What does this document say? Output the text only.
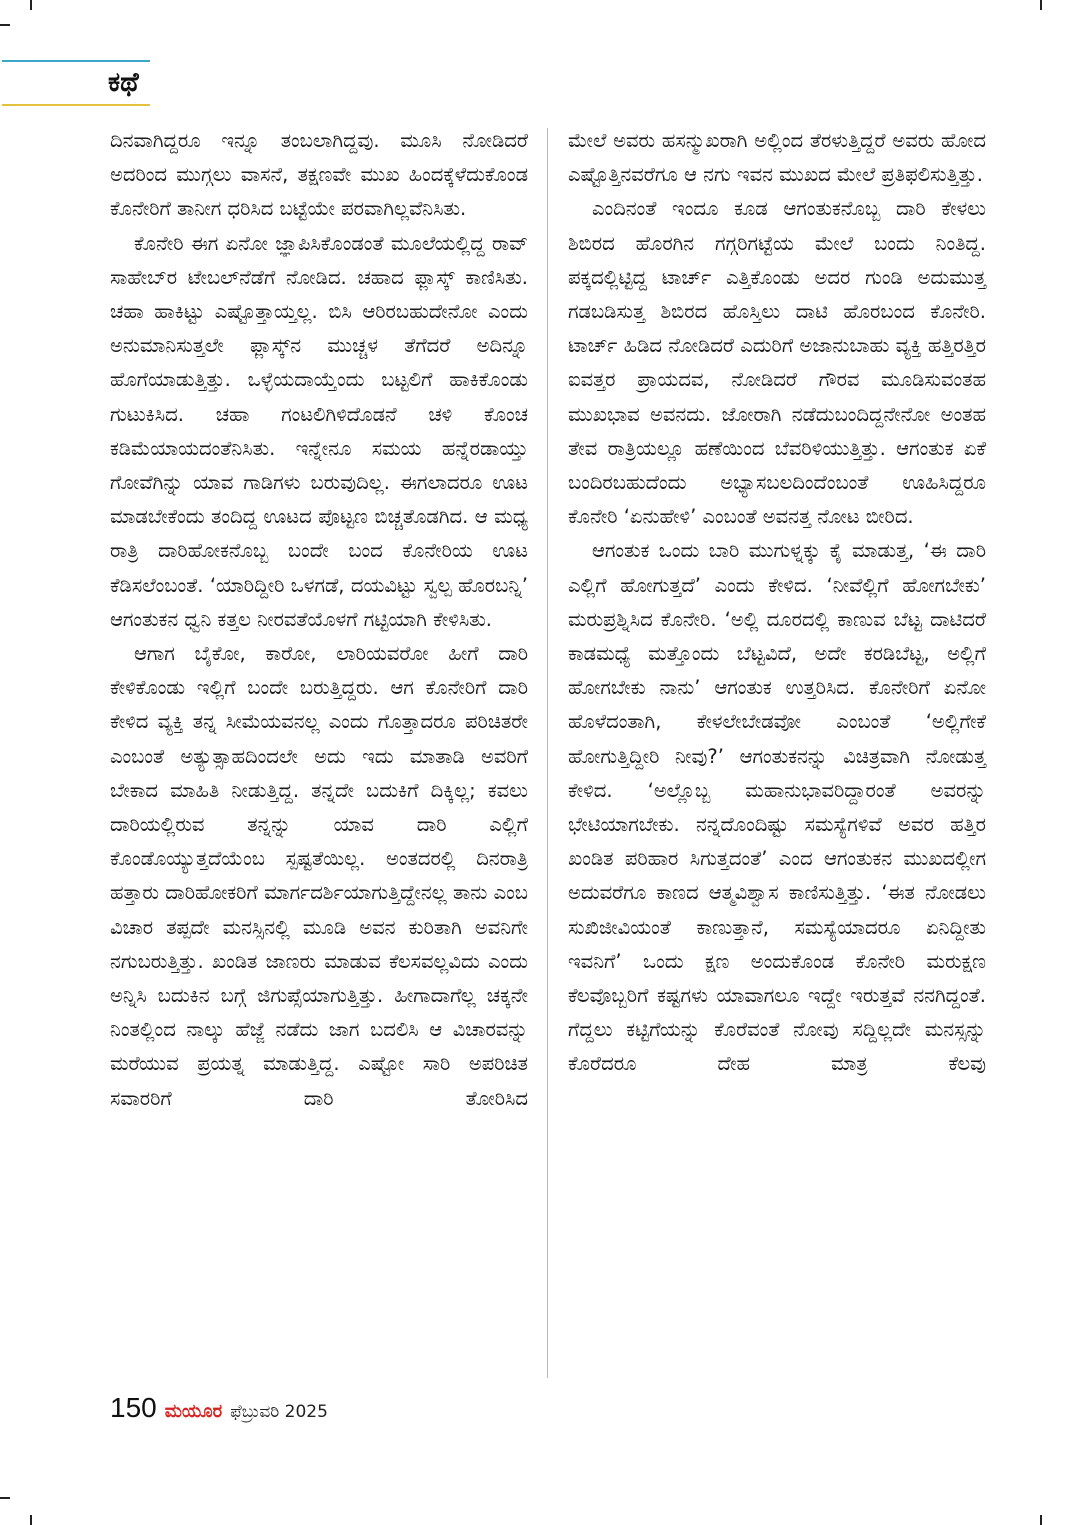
ಕಥೆ

ದಿನವಾಗಿದ್ದರೂ ಇನ್ನೂ ತಂಬಲಾಗಿದ್ದವು. ಮೂಸಿ ನೋಡಿದರೆ ಅದರಿಂದ ಮುಗ್ಗಲು ವಾಸನೆ, ತಕ್ಷಣವೇ ಮುಖ ಹಿಂದಕ್ಕೆಳೆದುಕೊಂಡ ಕೊನೇರಿಗೆ ತಾನೀಗ ಧರಿಸಿದ ಬಟ್ಟೆಯೇ ಪರವಾಗಿಲ್ಲವೆನಿಸಿತು.

ಕೊನೇರಿ ಈಗ ಏನೋ ಜ್ಞಾಪಿಸಿಕೊಂಡಂತೆ ಮೂಲೆಯಲ್ಲಿದ್ದ ರಾವ್ ಸಾಹೇಬ್‌ರ ಟೇಬಲ್‌ನೆಡೆಗೆ ನೋಡಿದ. ಚಹಾದ ಫ್ಲಾಸ್ಕ್ ಕಾಣಿಸಿತು. ಚಹಾ ಹಾಕಿಟ್ಟು ಎಷ್ಟೊತ್ತಾಯ್ತಲ್ಲ. ಬಿಸಿ ಆರಿರಬಹುದೇನೋ ಎಂದು ಅನುಮಾನಿಸುತ್ತಲೇ ಫ್ಲಾಸ್ಕ್‌ನ ಮುಚ್ಚಳ ತೆಗೆದರೆ ಅದಿನ್ನೂ ಹೊಗೆಯಾಡುತ್ತಿತ್ತು. ಒಳ್ಳೆಯದಾಯ್ತೆಂದು ಬಟ್ಟಲಿಗೆ ಹಾಕಿಕೊಂಡು ಗುಟುಕಿಸಿದ. ಚಹಾ ಗಂಟಲಿಗಿಳಿದೊಡನೆ ಚಳಿ ಕೊಂಚ ಕಡಿಮೆಯಾಯದಂತೆನಿಸಿತು. ಇನ್ನೇನೂ ಸಮಯ ಹನ್ನೆರಡಾಯ್ತು ಗೋವೆಗಿನ್ನು ಯಾವ ಗಾಡಿಗಳು ಬರುವುದಿಲ್ಲ. ಈಗಲಾದರೂ ಊಟ ಮಾಡಬೇಕೆಂದು ತಂದಿದ್ದ ಊಟದ ಪೊಟ್ಟಣ ಬಿಚ್ಚತೊಡಗಿದ. ಆ ಮಧ್ಯ ರಾತ್ರಿ ದಾರಿಹೋಕನೊಬ್ಬ ಬಂದೇ ಬಂದ ಕೊನೇರಿಯ ಊಟ ಕೆಡಿಸಲೆಂಬಂತೆ. ‘ಯಾರಿದ್ದೀರಿ ಒಳಗಡೆ, ದಯವಿಟ್ಟು ಸ್ವಲ್ಪ ಹೊರಬನ್ನಿ’ ಆಗಂತುಕನ ಧ್ವನಿ ಕತ್ತಲ ನೀರವತೆಯೊಳಗೆ ಗಟ್ಟಿಯಾಗಿ ಕೇಳಿಸಿತು.

ಆಗಾಗ ಬೈಕೋ, ಕಾರೋ, ಲಾರಿಯವರೋ ಹೀಗೆ ದಾರಿ ಕೇಳಿಕೊಂಡು ಇಲ್ಲಿಗೆ ಬಂದೇ ಬರುತ್ತಿದ್ದರು. ಆಗ ಕೊನೇರಿಗೆ ದಾರಿ ಕೇಳಿದ ವ್ಯಕ್ತಿ ತನ್ನ ಸೀಮೆಯವನಲ್ಲ ಎಂದು ಗೊತ್ತಾದರೂ ಪರಿಚಿತರೇ ಎಂಬಂತೆ ಅತ್ಯುತ್ಸಾಹದಿಂದಲೇ ಅದು ಇದು ಮಾತಾಡಿ ಅವರಿಗೆ ಬೇಕಾದ ಮಾಹಿತಿ ನೀಡುತ್ತಿದ್ದ. ತನ್ನದೇ ಬದುಕಿಗೆ ದಿಕ್ಕಿಲ್ಲ; ಕವಲು ದಾರಿಯಲ್ಲಿರುವ ತನ್ನನ್ನು ಯಾವ ದಾರಿ ಎಲ್ಲಿಗೆ ಕೊಂಡೊಯ್ಯುತ್ತದೆಯೆಂಬ ಸ್ಪಷ್ಟತೆಯಿಲ್ಲ. ಅಂತದರಲ್ಲಿ ದಿನರಾತ್ರಿ ಹತ್ತಾರು ದಾರಿಹೋಕರಿಗೆ ಮಾರ್ಗದರ್ಶಿಯಾಗುತ್ತಿದ್ದೇನಲ್ಲ ತಾನು ಎಂಬ ವಿಚಾರ ತಪ್ಪದೇ ಮನಸ್ಸಿನಲ್ಲಿ ಮೂಡಿ ಅವನ ಕುರಿತಾಗಿ ಅವನಿಗೇ ನಗುಬರುತ್ತಿತ್ತು. ಖಂಡಿತ ಜಾಣರು ಮಾಡುವ ಕೆಲಸವಲ್ಲವಿದು ಎಂದು ಅನ್ನಿಸಿ ಬದುಕಿನ ಬಗ್ಗೆ ಜಿಗುಪ್ಸೆಯಾಗುತ್ತಿತ್ತು. ಹೀಗಾದಾಗೆಲ್ಲ ಚಕ್ಕನೇ ನಿಂತಲ್ಲಿಂದ ನಾಲ್ಕು ಹೆಜ್ಜೆ ನಡೆದು ಜಾಗ ಬದಲಿಸಿ ಆ ವಿಚಾರವನ್ನು ಮರೆಯುವ ಪ್ರಯತ್ನ ಮಾಡುತ್ತಿದ್ದ. ಎಷ್ಟೋ ಸಾರಿ ಅಪರಿಚಿತ ಸವಾರರಿಗೆ ದಾರಿ ತೋರಿಸಿದ

ಮೇಲೆ ಅವರು ಹಸನ್ಮುಖರಾಗಿ ಅಲ್ಲಿಂದ ತೆರಳುತ್ತಿದ್ದರೆ ಅವರು ಹೋದ ಎಷ್ಟೊತ್ತಿನವರೆಗೂ ಆ ನಗು ಇವನ ಮುಖದ ಮೇಲೆ ಪ್ರತಿಫಲಿಸುತ್ತಿತ್ತು.

ಎಂದಿನಂತೆ ಇಂದೂ ಕೂಡ ಆಗಂತುಕನೊಬ್ಬ ದಾರಿ ಕೇಳಲು ಶಿಬಿರದ ಹೊರಗಿನ ಗಗ್ಗರಿಗಟ್ಟೆಯ ಮೇಲೆ ಬಂದು ನಿಂತಿದ್ದ. ಪಕ್ಕದಲ್ಲಿಟ್ಟಿದ್ದ ಟಾರ್ಚ್ ಎತ್ತಿಕೊಂಡು ಅದರ ಗುಂಡಿ ಅದುಮುತ್ತ ಗಡಬಡಿಸುತ್ತ ಶಿಬಿರದ ಹೊಸ್ತಿಲು ದಾಟಿ ಹೊರಬಂದ ಕೊನೇರಿ. ಟಾರ್ಚ್ ಹಿಡಿದ ನೋಡಿದರೆ ಎದುರಿಗೆ ಅಜಾನುಬಾಹು ವ್ಯಕ್ತಿ ಹತ್ತಿರತ್ತಿರ ಐವತ್ತರ ಪ್ರಾಯದವ, ನೋಡಿದರೆ ಗೌರವ ಮೂಡಿಸುವಂತಹ ಮುಖಭಾವ ಅವನದು. ಜೋರಾಗಿ ನಡೆದುಬಂದಿದ್ದನೇನೋ ಅಂತಹ ತೇವ ರಾತ್ರಿಯಲ್ಲೂ ಹಣೆಯಿಂದ ಬೆವರಿಳಿಯುತ್ತಿತ್ತು. ಆಗಂತುಕ ಏಕೆ ಬಂದಿರಬಹುದೆಂದು ಅಭ್ಯಾಸಬಲದಿಂದೆಂಬಂತೆ ಊಹಿಸಿದ್ದರೂ ಕೊನೇರಿ ‘ಏನುಹೇಳಿ’ ಎಂಬಂತೆ ಅವನತ್ತ ನೋಟ ಬೀರಿದ.

ಆಗಂತುಕ ಒಂದು ಬಾರಿ ಮುಗುಳ್ನಕ್ಕು ಕೈ ಮಾಡುತ್ತ, ‘ಈ ದಾರಿ ಎಲ್ಲಿಗೆ ಹೋಗುತ್ತದೆ’ ಎಂದು ಕೇಳಿದ. ‘ನೀವೆಲ್ಲಿಗೆ ಹೋಗಬೇಕು’ ಮರುಪ್ರಶ್ನಿಸಿದ ಕೊನೇರಿ. ‘ಅಲ್ಲಿ ದೂರದಲ್ಲಿ ಕಾಣುವ ಬೆಟ್ಟ ದಾಟಿದರೆ ಕಾಡಮಧ್ಯೆ ಮತ್ತೊಂದು ಬೆಟ್ಟವಿದೆ, ಅದೇ ಕರಡಿಬೆಟ್ಟ, ಅಲ್ಲಿಗೆ ಹೋಗಬೇಕು ನಾನು’ ಆಗಂತುಕ ಉತ್ತರಿಸಿದ. ಕೊನೇರಿಗೆ ಏನೋ ಹೊಳೆದಂತಾಗಿ, ಕೇಳಲೇಬೇಡವೋ ಎಂಬಂತೆ ‘ಅಲ್ಲಿಗೇಕೆ ಹೋಗುತ್ತಿದ್ದೀರಿ ನೀವು?’ ಆಗಂತುಕನನ್ನು ವಿಚಿತ್ರವಾಗಿ ನೋಡುತ್ತ ಕೇಳಿದ. ‘ಅಲ್ಲೊಬ್ಬ ಮಹಾನುಭಾವರಿದ್ದಾರಂತೆ ಅವರನ್ನು ಭೇಟಿಯಾಗಬೇಕು. ನನ್ನದೊಂದಿಷ್ಟು ಸಮಸ್ಯೆಗಳಿವೆ ಅವರ ಹತ್ತಿರ ಖಂಡಿತ ಪರಿಹಾರ ಸಿಗುತ್ತದಂತೆ’ ಎಂದ ಆಗಂತುಕನ ಮುಖದಲ್ಲೀಗ ಅದುವರೆಗೂ ಕಾಣದ ಆತ್ಮವಿಶ್ವಾಸ ಕಾಣಿಸುತ್ತಿತ್ತು. ‘ಈತ ನೋಡಲು ಸುಖಿಜೀವಿಯಂತೆ ಕಾಣುತ್ತಾನೆ, ಸಮಸ್ಯೆಯಾದರೂ ಏನಿದ್ದೀತು ಇವನಿಗೆ’ ಒಂದು ಕ್ಷಣ ಅಂದುಕೊಂಡ ಕೊನೇರಿ ಮರುಕ್ಷಣ ಕೆಲವೊಬ್ಬರಿಗೆ ಕಷ್ಟಗಳು ಯಾವಾಗಲೂ ಇದ್ದೇ ಇರುತ್ತವೆ ನನಗಿದ್ದಂತೆ. ಗೆದ್ದಲು ಕಟ್ಟಿಗೆಯನ್ನು ಕೊರೆವಂತೆ ನೋವು ಸದ್ದಿಲ್ಲದೇ ಮನಸ್ಸನ್ನು ಕೊರೆದರೂ ದೇಹ ಮಾತ್ರ ಕೆಲವು

150 ಮಯೂರ ಫೆಬ್ರುವರಿ 2025
